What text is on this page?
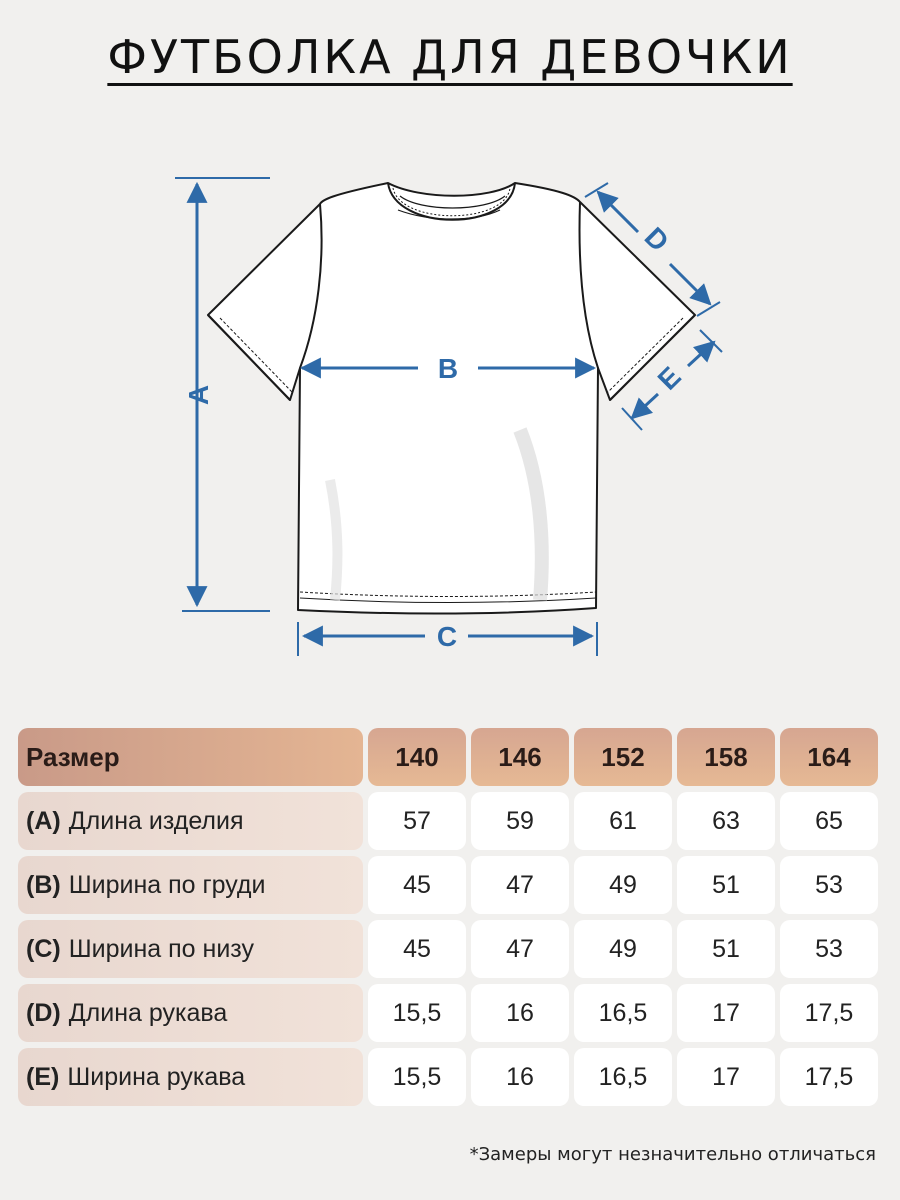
ФУТБОЛКА ДЛЯ ДЕВОЧКИ
A
B
C
D
E
Размер	140	146	152	158	164
(A) Длина изделия	57	59	61	63	65
(B) Ширина по груди	45	47	49	51	53
(C) Ширина по низу	45	47	49	51	53
(D) Длина рукава	15,5	16	16,5	17	17,5
(E) Ширина рукава	15,5	16	16,5	17	17,5
*Замеры могут незначительно отличаться
